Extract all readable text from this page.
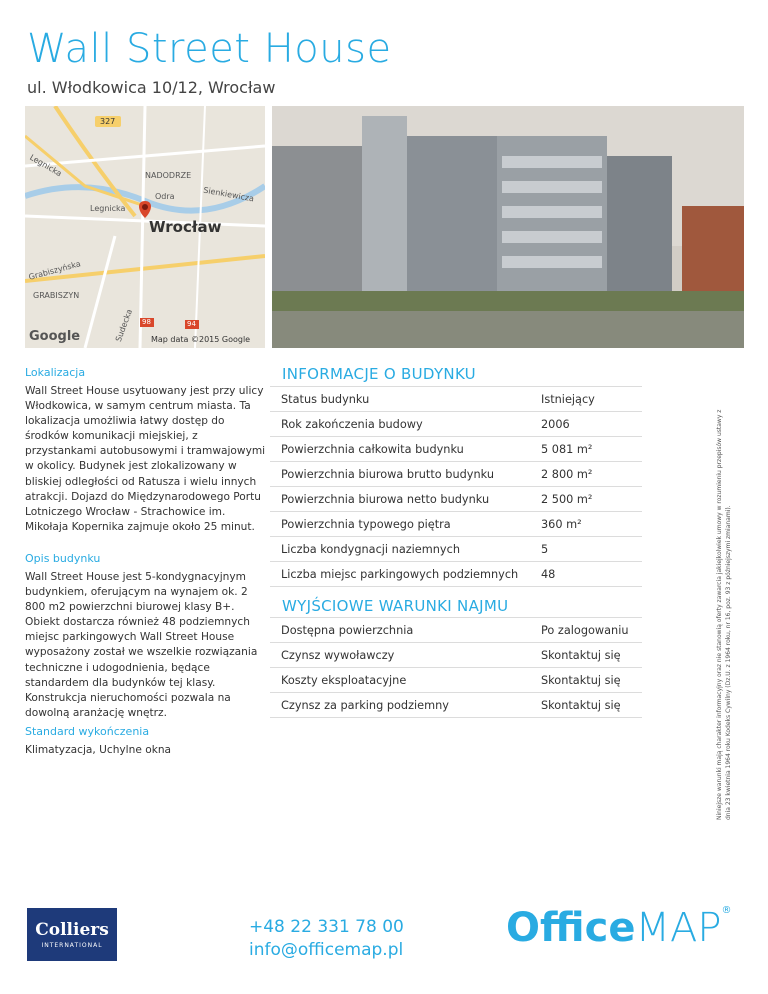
Wall Street House
ul. Włodkowica 10/12, Wrocław
327
NADODRZE
Legnicka
Sienkiewicza
Odra
Legnicka
Wrocław
Grabiszyńska
GRABISZYN
Sudecka 98	94
Google	Map data ©2015 Google
Lokalizacja

Wall Street House usytuowany jest przy ulicy Włodkowica, w samym centrum miasta. Ta lokalizacja umożliwia łatwy dostęp do środków komunikacji miejskiej, z przystankami autobusowymi i tramwajowymi w okolicy. Budynek jest zlokalizowany w bliskiej odległości od Ratusza i wielu innych atrakcji. Dojazd do Międzynarodowego Portu Lotniczego Wrocław - Strachowice im. Mikołaja Kopernika zajmuje około 25 minut.

Opis budynku

Wall Street House jest 5-kondygnacyjnym budynkiem, oferującym na wynajem ok. 2 800 m2 powierzchni biurowej klasy B+. Obiekt dostarcza również 48 podziemnych miejsc parkingowych Wall Street House wyposażony został we wszelkie rozwiązania techniczne i udogodnienia, będące standardem dla budynków tej klasy. Konstrukcja nieruchomości pozwala na dowolną aranżację wnętrz.

Standard wykończenia

Klimatyzacja, Uchylne okna

INFORMACJE O BUDYNKU
Status budynku	Istniejący
Rok zakończenia budowy	2006
Powierzchnia całkowita budynku	5 081 m²
Powierzchnia biurowa brutto budynku	2 800 m²
Powierzchnia biurowa netto budynku	2 500 m²
Powierzchnia typowego piętra	360 m²
Liczba kondygnacji naziemnych	5
Liczba miejsc parkingowych podziemnych	48
WYJŚCIOWE WARUNKI NAJMU
Dostępna powierzchnia	Po zalogowaniu
Czynsz wywoławczy	Skontaktuj się
Koszty eksploatacyjne	Skontaktuj się
Czynsz za parking podziemny	Skontaktuj się	Niniejsze warunki mają charakter informacyjny oraz nie stanowią oferty zawarcia jakiejkolwiek umowy w rozumieniu przepisów ustawy z dnia 23 kwietnia 1964 roku Kodeks Cywilny (Dz.U. z 1964 roku, nr 16, poz. 93 z późniejszymi zmianami).
Colliers
INTERNATIONAL
+48 22 331 78 00
info@officemap.pl	OfficeMAP®
